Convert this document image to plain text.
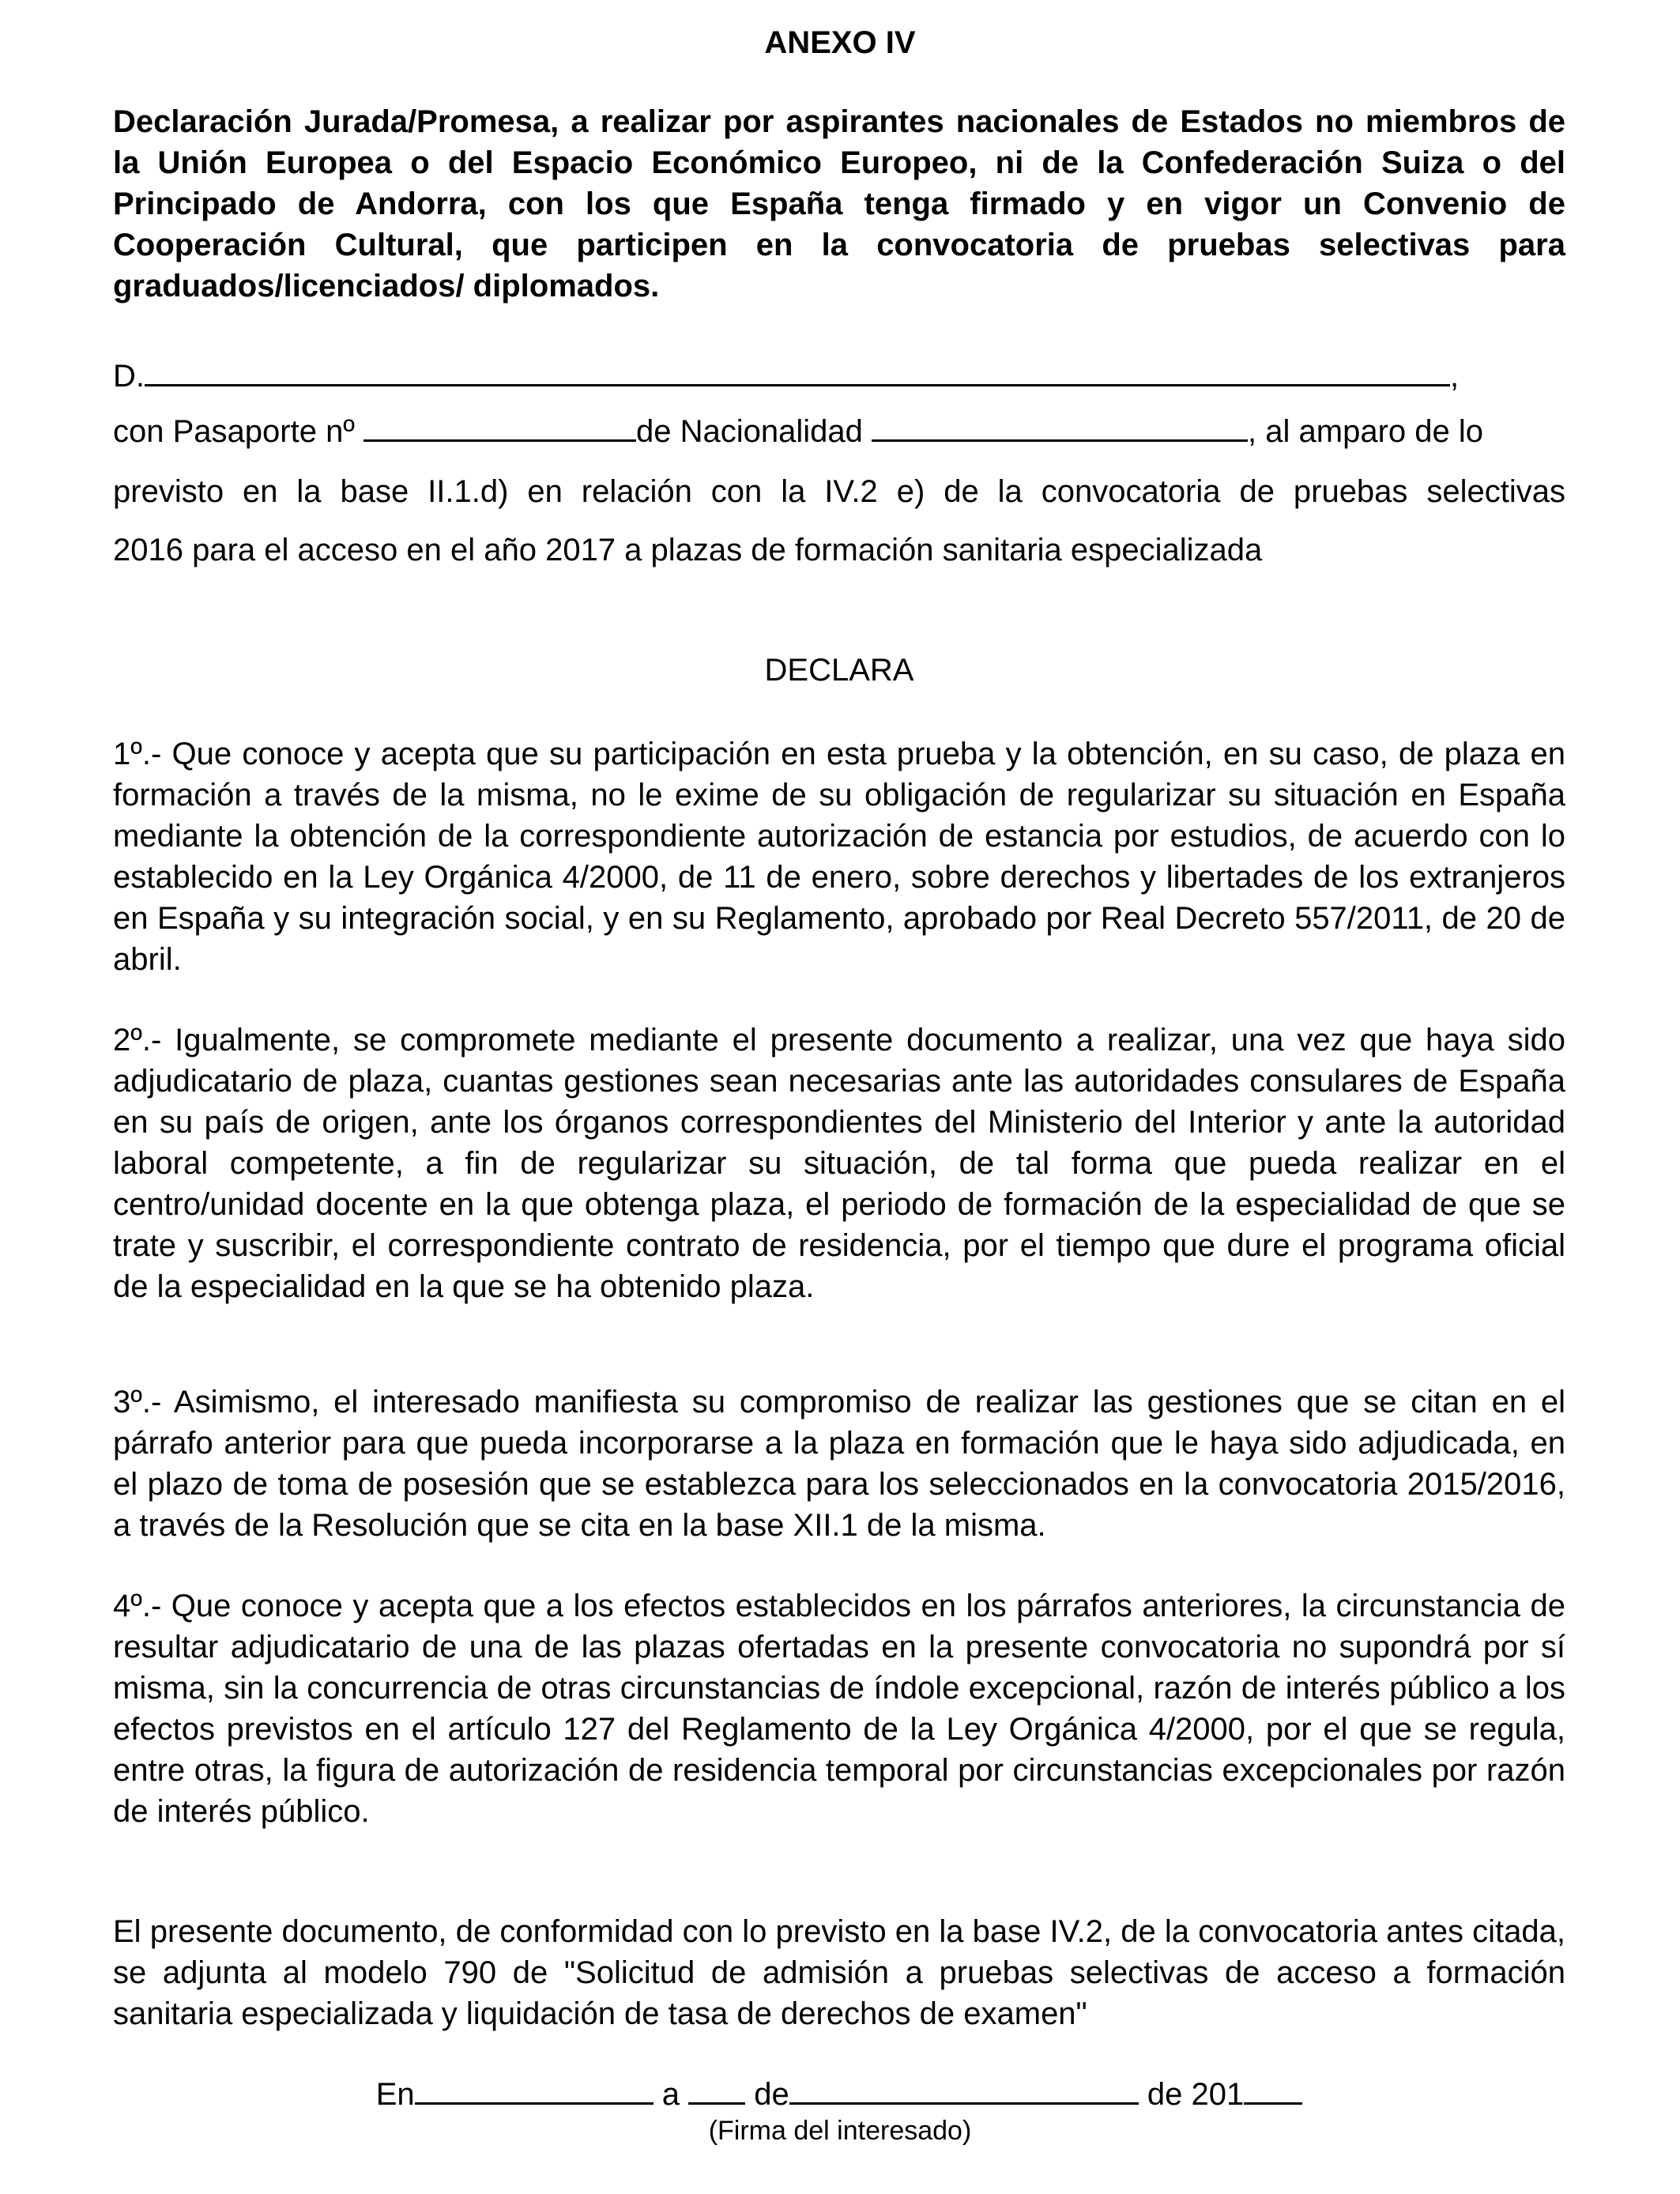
ANEXO IV
Declaración Jurada/Promesa, a realizar por aspirantes nacionales de Estados no miembros de la Unión Europea o del Espacio Económico Europeo, ni de la Confederación Suiza o del Principado de Andorra, con los que España tenga firmado y en vigor un Convenio de Cooperación Cultural, que participen en la convocatoria de pruebas selectivas para graduados/licenciados/ diplomados.
D.	,
con Pasaporte nº	de Nacionalidad	, al amparo de lo
previsto en la base II.1.d) en relación con la IV.2 e) de la convocatoria de pruebas selectivas
2016 para el acceso en el año 2017 a plazas de formación sanitaria especializada
DECLARA
1º.- Que conoce y acepta que su participación en esta prueba y la obtención, en su caso, de plaza en formación a través de la misma, no le exime de su obligación de regularizar su situación en España mediante la obtención de la correspondiente autorización de estancia por estudios, de acuerdo con lo establecido en la Ley Orgánica 4/2000, de 11 de enero, sobre derechos y libertades de los extranjeros en España y su integración social, y en su Reglamento, aprobado por Real Decreto 557/2011, de 20 de abril.
2º.- Igualmente, se compromete mediante el presente documento a realizar, una vez que haya sido adjudicatario de plaza, cuantas gestiones sean necesarias ante las autoridades consulares de España en su país de origen, ante los órganos correspondientes del Ministerio del Interior y ante la autoridad laboral competente, a fin de regularizar su situación, de tal forma que pueda realizar en el centro/unidad docente en la que obtenga plaza, el periodo de formación de la especialidad de que se trate y suscribir, el correspondiente contrato de residencia, por el tiempo que dure el programa oficial de la especialidad en la que se ha obtenido plaza.
3º.- Asimismo, el interesado manifiesta su compromiso de realizar las gestiones que se citan en el párrafo anterior para que pueda incorporarse a la plaza en formación que le haya sido adjudicada, en el plazo de toma de posesión que se establezca para los seleccionados en la convocatoria 2015/2016, a través de la Resolución que se cita en la base XII.1 de la misma.
4º.- Que conoce y acepta que a los efectos establecidos en los párrafos anteriores, la circunstancia de resultar adjudicatario de una de las plazas ofertadas en la presente convocatoria no supondrá por sí misma, sin la concurrencia de otras circunstancias de índole excepcional, razón de interés público a los efectos previstos en el artículo 127 del Reglamento de la Ley Orgánica 4/2000, por el que se regula, entre otras, la figura de autorización de residencia temporal por circunstancias excepcionales por razón de interés público.
El presente documento, de conformidad con lo previsto en la base IV.2, de la convocatoria antes citada, se adjunta al modelo 790 de "Solicitud de admisión a pruebas selectivas de acceso a formación sanitaria especializada y liquidación de tasa de derechos de examen"
En	a de	de 201
(Firma del interesado)
